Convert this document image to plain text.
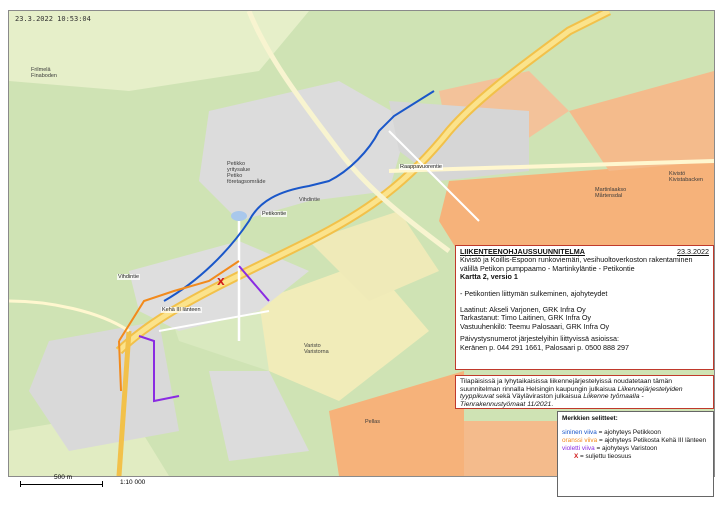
X
23.3.2022 10:53:04
Frilmelä
Finaboden
Petikko
yritysalue
Petiko
företagsområde
Vihdintie
Petikontie
Raappavuorentie
Martinlaakso
Mårtensdal
Kivistö
Kivistabacken
Vihdintie
Kehä III länteen
Varisto
Varistorna
Pellas
LIIKENTEENOHJAUSSUUNNITELMA	23.3.2022
Kivistö ja Koillis-Espoon runkoviemäri, vesihuoltoverkoston rakentaminen
välillä Petikon pumppaamo - Martinkyläntie - Petikontie
Kartta 2, versio 1
- Petikontien liittymän sulkeminen, ajohyteydet
Laatinut: Akseli Varjonen, GRK Infra Oy
Tarkastanut: Timo Laitinen, GRK Infra Oy
Vastuuhenkilö: Teemu Palosaari, GRK Infra Oy
Päivystysnumerot järjestelyihin liittyvissä asioissa:
Keränen p. 044 291 1661, Palosaari p. 0500 888 297
Tilapäisissä ja lyhytaikaisissa liikennejärjestelyissä noudatetaan tämän suunnitelman rinnalla Helsingin kaupungin julkaisua Liikennejärjestelyiden tyyppikuvat sekä Väyläviraston julkaisua Liikenne työmaalla - Tienrakennustyömaat 11/2021.
Merkkien selitteet:
sininen viiva = ajohyteys Petikkoon
oranssi viiva = ajohyteys Petikosta Kehä III länteen
violetti viiva = ajohyteys Varistoon
X = suljettu tieosuus
500 m
1:10 000
